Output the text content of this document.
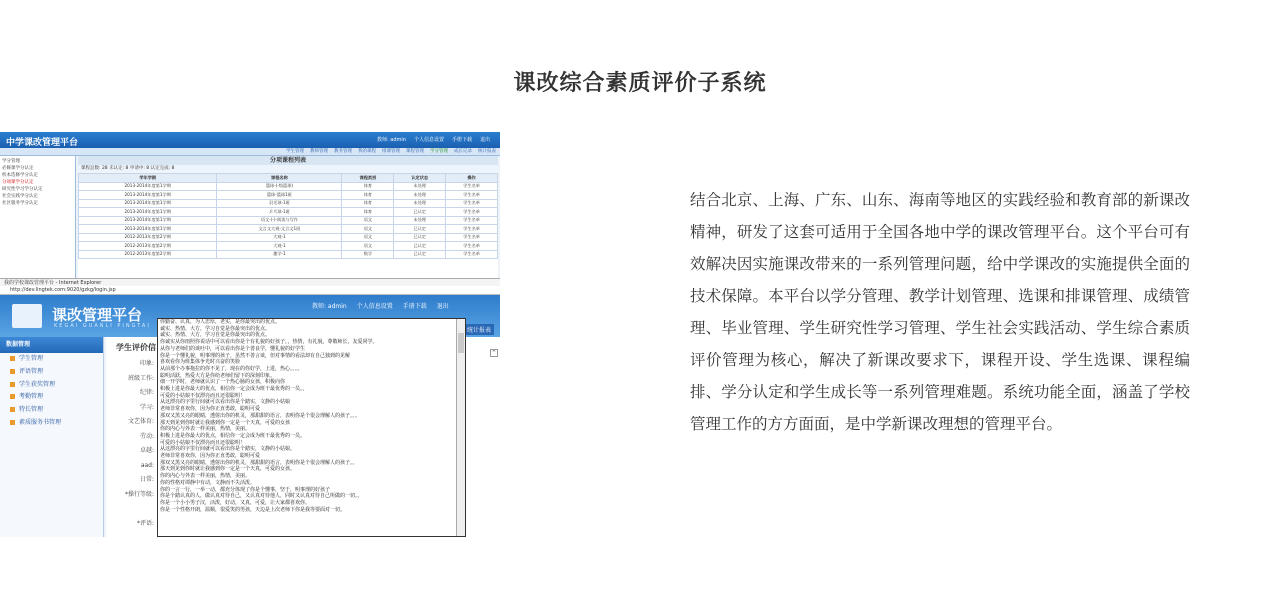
课改综合素质评价子系统
中学课改管理平台	教师: admin 个人信息设置 手册下载 退出
学生管理 教师管理 教务管理 我的课程 排课管理 课程管理 学分管理 成长记录 统计报表
学分管理
必修课学分认定
校本选修学分认定
分项课学分认定
研究性学习学分认定
社会实践学分认定
社区服务学分认定
分项课程列表
课程总数: 28 未认定: 8 申请中: 8 认定完成: 8
学年学期	课程名称	课程类别	认定状态	操作
2013-2014年度第1学期	篮球-(-级篮球)	体育	未处理	学生名单
2013-2014年度第1学期	篮球-篮球1班	体育	未处理	学生名单
2013-2014年度第1学期	羽毛球-1班	体育	未处理	学生名单
2013-2014年度第1学期	乒乓球-1班	体育	已认定	学生名单
2013-2014年度第1学期	语文-(-)-阅读与写作	语文	未处理	学生名单
2013-2014年度第1学期	文言文大观-文言文1班	语文	已认定	学生名单
2012-2013年度第2学期	大观-1	语文	已认定	学生名单
2012-2013年度第2学期	大观-1	语文	已认定	学生名单
2012-2013年度第2学期	趣学-1	数学	已认定	学生名单
我的学校课改管理平台 - Internet Explorer
http://dev.lingtek.com:9020/gzkg/login.jsp
课改管理平台
KEGAI GUANLI PINGTAI
教师: admin 个人信息设置 手册下载 退出
统计报表
数据管理
学生管理
评语管理
学生获奖管理
考勤管理
特长管理
素质服务书管理
学生评价信
印象:
班级工作:
纪律:
学习:
文艺体育:
劳动:
卓越:
aad:
日常:
*操行等级:
*评语:
^
你勤奋、认真，为人忠厚，老实，是你最突出的优点。
诚实、热情、大方，学习自觉是你最突出的优点。
诚实、热情、大方，学习自觉是你最突出的优点。
你诚实从你雨照你说话中可以看出你是个有礼貌的好孩子，，热情，有礼貌，尊敬师长，友爱同学。
从你与老师们的谈吐中，可以看出你是个善良学，懂礼貌的好学生
你是一个懂礼貌，明事理的孩子，虽然不善言谈，但对事情的看法却有自己独到的见解
喜欢看你为班集体争光时兴奋的笑脸
从前那个办事拖拉的你不见了，现在的你好学，上进，热心。。。。
聪明活跃，热爱大方是你给老师们留下的深刻印象。
细一开学时，老师就认识了一个热心肠的女孩，积极向你
积极上进是你最大的优点，相信你一定会成为班干最优秀的一员。。
可爱的小姑娘不仅漂亮而且还很聪明！
从这漂亮的字里行间就可以看出你是个踏实，文静的小姑娘
老师非常喜欢你，因为你正直勇敢，聪明可爱
那双又黑又亮的眼睛，透射出你的机灵，那甜甜的语言，表明你是个很会理解人的孩子。。。
那天到见到你时就让我感到你一定是一个天真，可爱的女孩
你的内心与外表一样美丽，热情，美丽。
积极上进是你最大的优点，相信你一定会成为班干最优秀的一员。
可爱的小姑娘不仅漂亮而且还很聪明！
从这漂亮的字里行间就可以看出你是个踏实，文静的小姑娘。
老师非常喜欢你，因为你正直勇敢，聪明可爱
那双又黑又亮的眼睛，透射出你的机灵，那甜甜的语言，表明你是个很会理解人的孩子。。
那天到见到你时就让我感到你一定是一个天真，可爱的女孩。
你的内心与外表一样美丽，热情，美丽。
你的性格对谭静中有动，文静而不失活泼。
你的一言一行，一举一动，都充分体现了你是个懂事，坚于，明事理的好孩子
你是个踏认真的人，做认真对待自己，又认真对待他人，同时又认真对待自己所做的一切。。
你是一个小小男子汉，活泼，好动，又真，可爱，让大家都喜欢你。
你是一个性格开朗，温顺，很爱笑的男孩，天边是上次老师下你是我等要面对一切。
结合北京、上海、广东、山东、海南等地区的实践经验和教育部的新课改精神，研发了这套可适用于全国各地中学的课改管理平台。这个平台可有效解决因实施课改带来的一系列管理问题，给中学课改的实施提供全面的技术保障。本平台以学分管理、教学计划管理、选课和排课管理、成绩管理、毕业管理、学生研究性学习管理、学生社会实践活动、学生综合素质评价管理为核心，解决了新课改要求下，课程开设、学生选课、课程编排、学分认定和学生成长等一系列管理难题。系统功能全面，涵盖了学校管理工作的方方面面，是中学新课改理想的管理平台。
